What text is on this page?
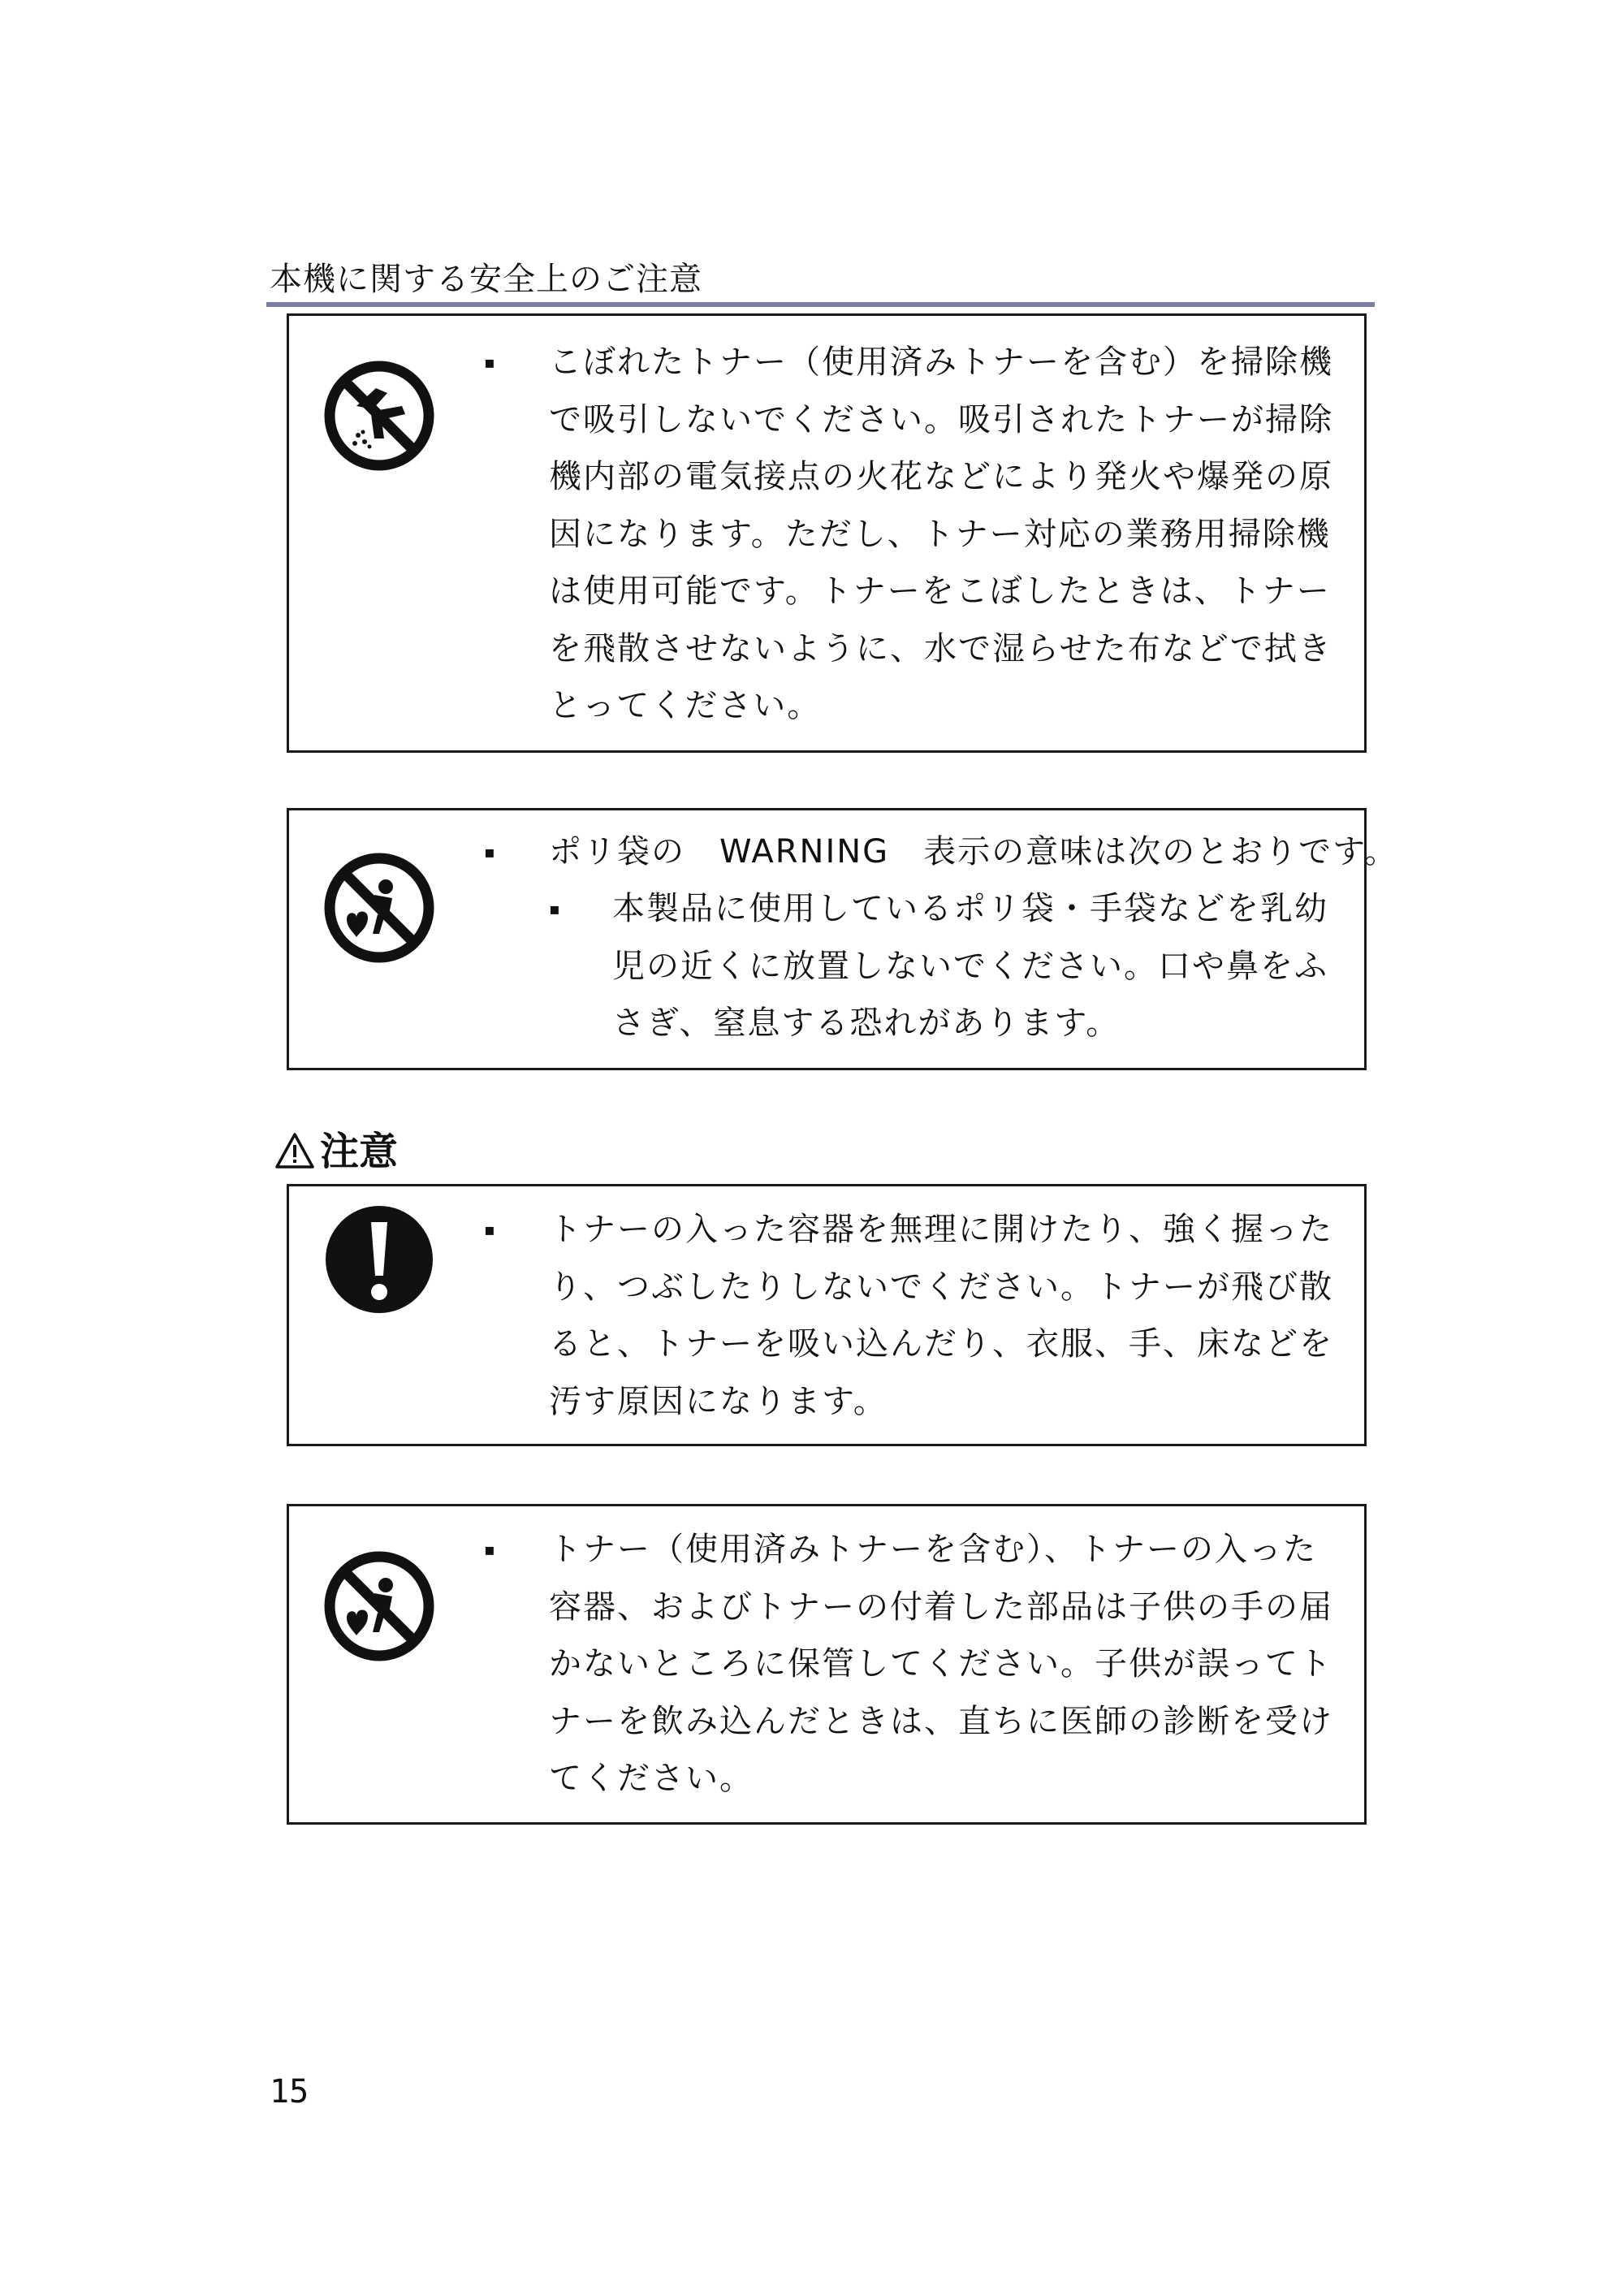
本機に関する安全上のご注意
▪ こぼれたトナー（使用済みトナーを含む）を掃除機で吸引しないでください。吸引されたトナーが掃除機内部の電気接点の火花などにより発火や爆発の原因になります。ただし、トナー対応の業務用掃除機は使用可能です。トナーをこぼしたときは、トナーを飛散させないように、水で湿らせた布などで拭きとってください。
▪ ポリ袋の　WARNING　表示の意味は次のとおりです。
▪ 本製品に使用しているポリ袋・手袋などを乳幼児の近くに放置しないでください。口や鼻をふさぎ、窒息する恐れがあります。
注意
▪ トナーの入った容器を無理に開けたり、強く握ったり、つぶしたりしないでください。トナーが飛び散ると、トナーを吸い込んだり、衣服、手、床などを汚す原因になります。
▪ トナー（使用済みトナーを含む）、トナーの入った容器、およびトナーの付着した部品は子供の手の届かないところに保管してください。子供が誤ってトナーを飲み込んだときは、直ちに医師の診断を受けてください。
15
